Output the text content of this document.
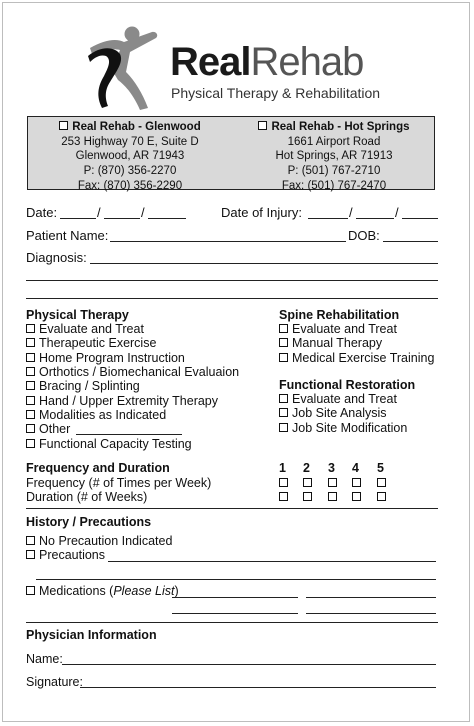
RealRehab
Physical Therapy & Rehabilitation
Real Rehab - Glenwood
253 Highway 70 E, Suite D
Glenwood, AR 71943
P: (870) 356-2270
Fax: (870) 356-2290
Real Rehab - Hot Springs
1661 Airport Road
Hot Springs, AR 71913
P: (501) 767-2710
Fax: (501) 767-2470
Date:	/	/	Date of Injury:	/	/
Patient Name:	DOB:
Diagnosis:
Physical Therapy
Evaluate and Treat
Therapeutic Exercise
Home Program Instruction
Orthotics / Biomechanical Evaluaion
Bracing / Splinting
Hand / Upper Extremity Therapy
Modalities as Indicated
Other
Functional Capacity Testing
Spine Rehabilitation
Evaluate and Treat
Manual Therapy
Medical Exercise Training
Functional Restoration
Evaluate and Treat
Job Site Analysis
Job Site Modification
Frequency and Duration
Frequency (# of Times per Week)
Duration (# of Weeks)
1 2 3 4 5
History / Precautions
No Precaution Indicated
Precautions
Medications (Please List)
Physician Information
Name:
Signature:
